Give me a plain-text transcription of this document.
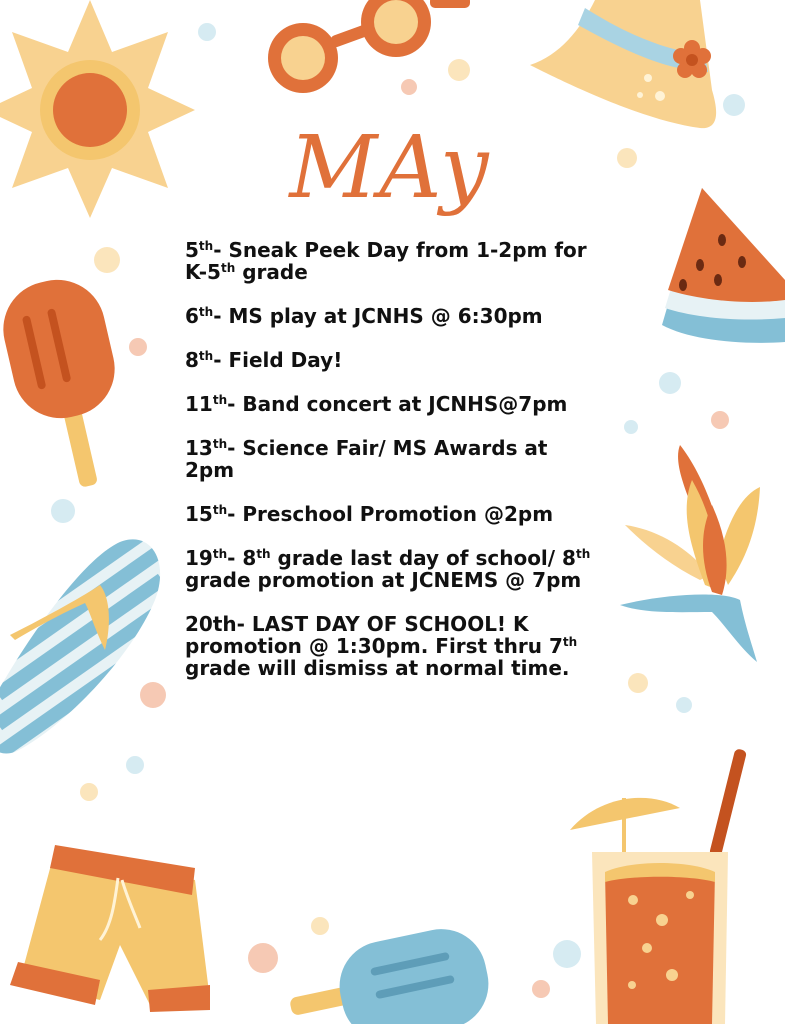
MAy
5th- Sneak Peek Day from 1-2pm for K-5th grade
6th- MS play at JCNHS @ 6:30pm
8th- Field Day!
11th- Band concert at JCNHS@7pm
13th- Science Fair/ MS Awards at 2pm
15th- Preschool Promotion @2pm
19th- 8th grade last day of school/ 8th grade promotion at JCNEMS @ 7pm
20th- LAST DAY OF SCHOOL! K promotion @ 1:30pm. First thru 7th grade will dismiss at normal time.
